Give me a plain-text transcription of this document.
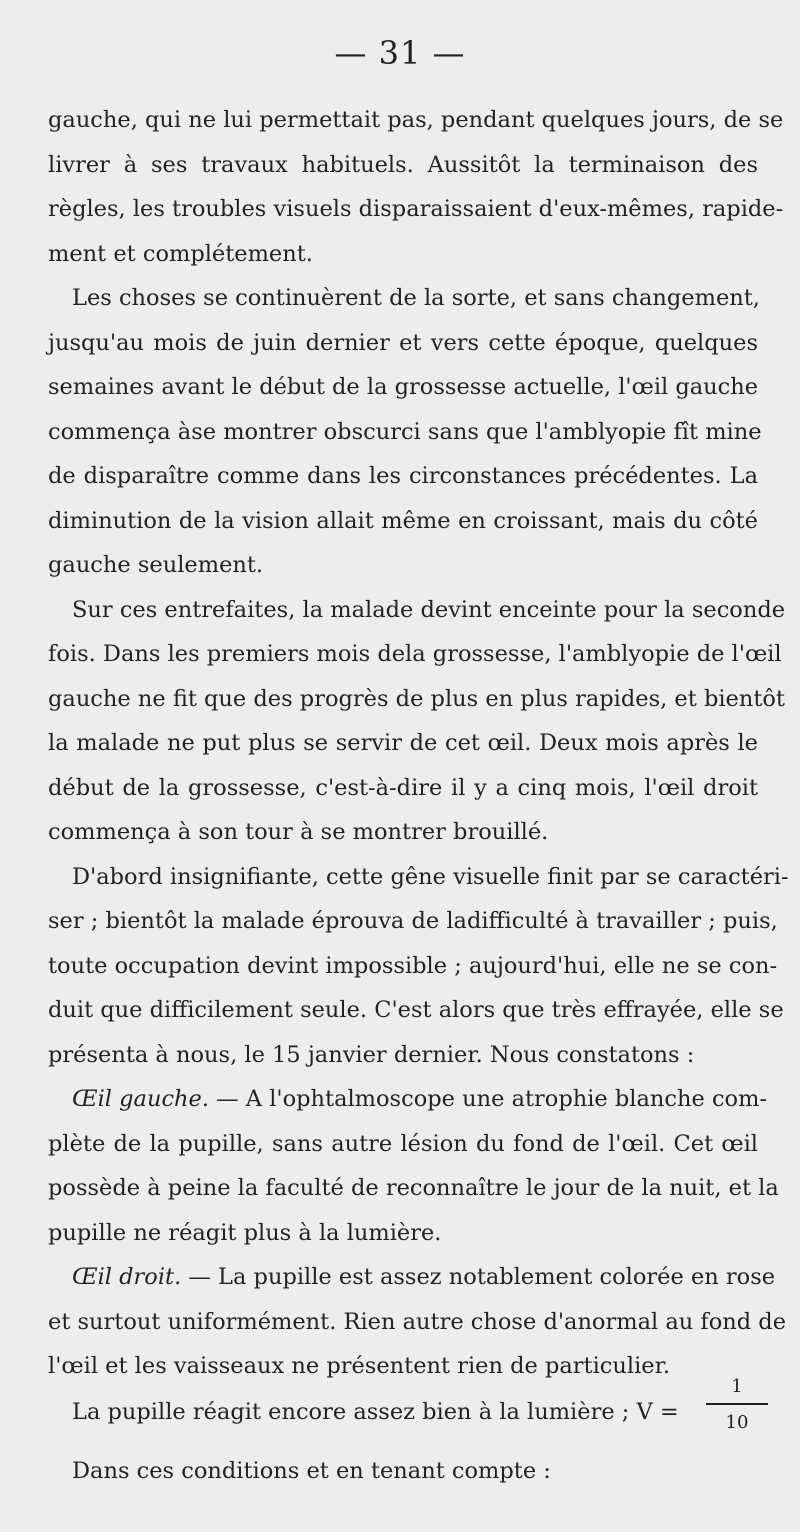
— 31 —
gauche, qui ne lui permettait pas, pendant quelques jours, de se
livrer à ses travaux habituels. Aussitôt la terminaison des
règles, les troubles visuels disparaissaient d'eux-mêmes, rapide-
ment et complétement.
Les choses se continuèrent de la sorte, et sans changement,
jusqu'au mois de juin dernier et vers cette époque, quelques
semaines avant le début de la grossesse actuelle, l'œil gauche
commença àse montrer obscurci sans que l'amblyopie fît mine
de disparaître comme dans les circonstances précédentes. La
diminution de la vision allait même en croissant, mais du côté
gauche seulement.
Sur ces entrefaites, la malade devint enceinte pour la seconde
fois. Dans les premiers mois dela grossesse, l'amblyopie de l'œil
gauche ne fit que des progrès de plus en plus rapides, et bientôt
la malade ne put plus se servir de cet œil. Deux mois après le
début de la grossesse, c'est-à-dire il y a cinq mois, l'œil droit
commença à son tour à se montrer brouillé.
D'abord insignifiante, cette gêne visuelle finit par se caractéri-
ser ; bientôt la malade éprouva de ladifficulté à travailler ; puis,
toute occupation devint impossible ; aujourd'hui, elle ne se con-
duit que difficilement seule. C'est alors que très effrayée, elle se
présenta à nous, le 15 janvier dernier. Nous constatons :
Œil gauche. — A l'ophtalmoscope une atrophie blanche com-
plète de la pupille, sans autre lésion du fond de l'œil. Cet œil
possède à peine la faculté de reconnaître le jour de la nuit, et la
pupille ne réagit plus à la lumière.
Œil droit. — La pupille est assez notablement colorée en rose
et surtout uniformément. Rien autre chose d'anormal au fond de
l'œil et les vaisseaux ne présentent rien de particulier.
La pupille réagit encore assez bien à la lumière ; V =
1
10
Dans ces conditions et en tenant compte :
